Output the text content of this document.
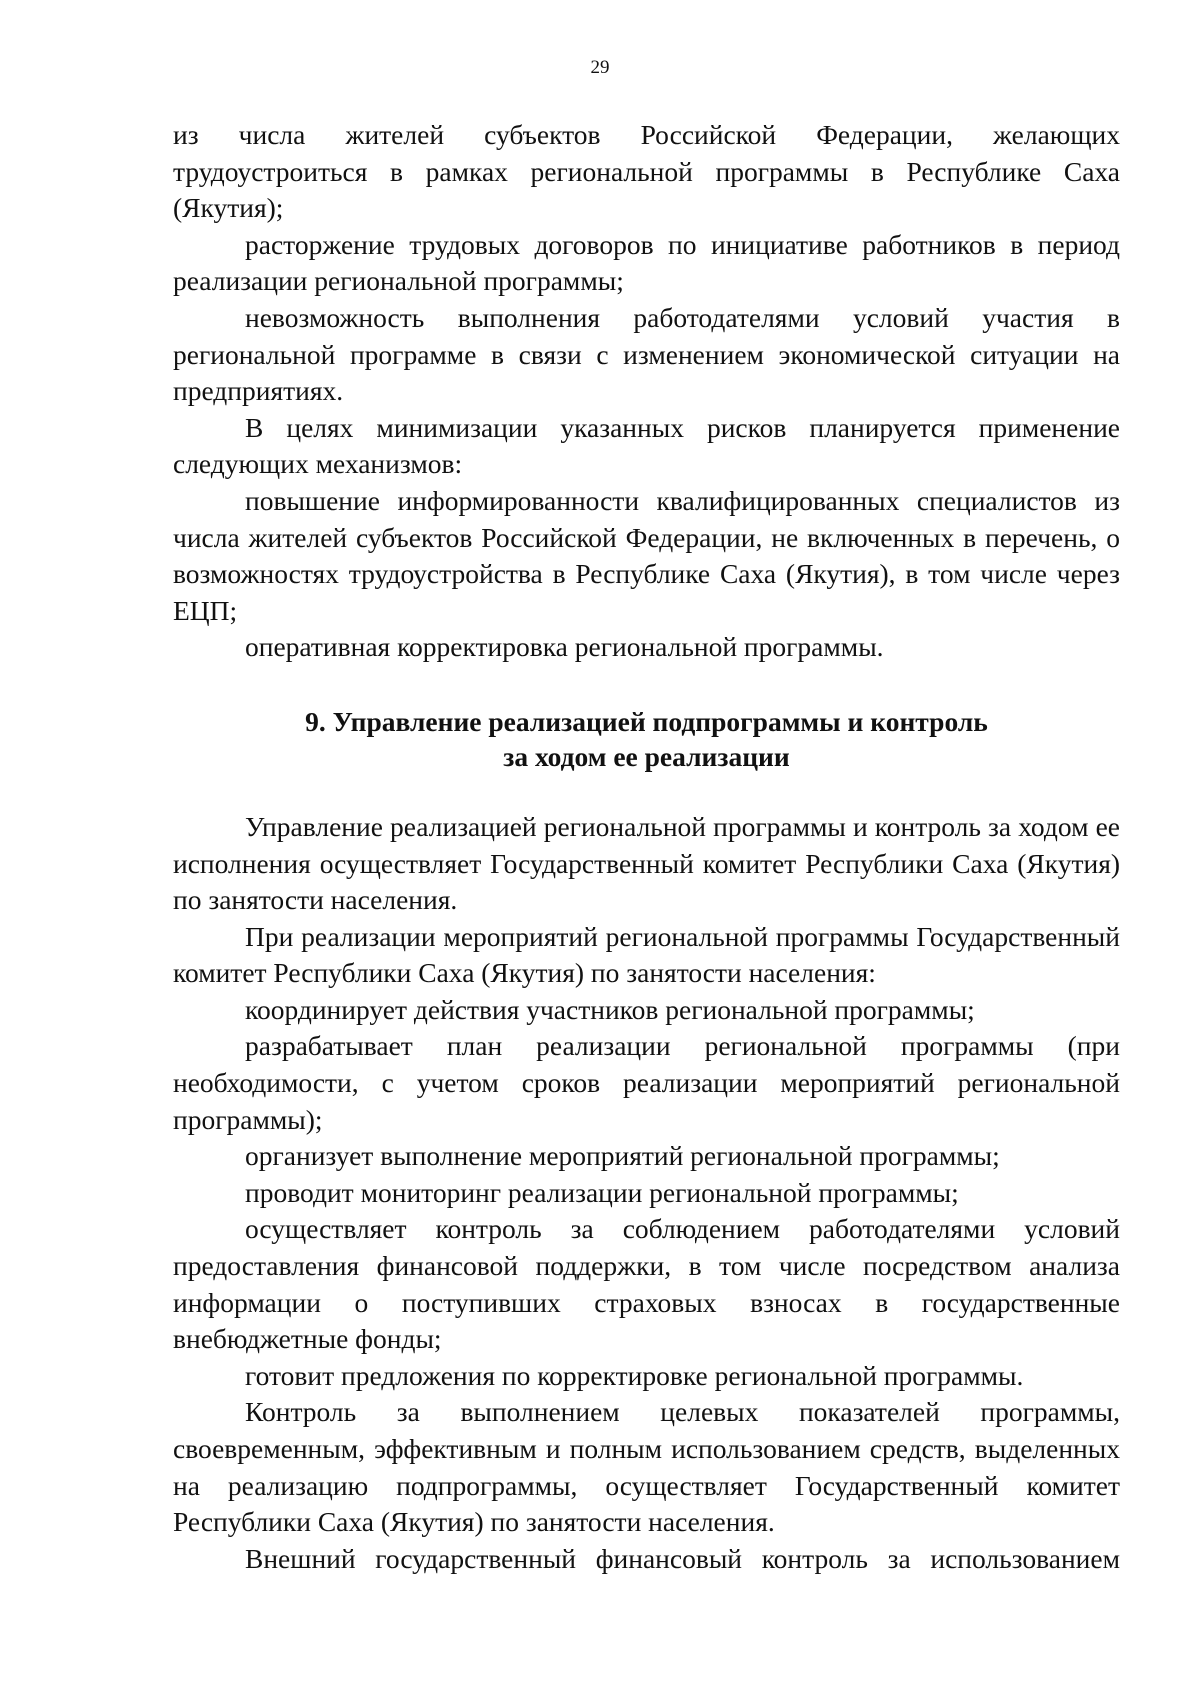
29

из числа жителей субъектов Российской Федерации, желающих трудоустроиться в рамках региональной программы в Республике Саха (Якутия);

расторжение трудовых договоров по инициативе работников в период реализации региональной программы;

невозможность выполнения работодателями условий участия в региональной программе в связи с изменением экономической ситуации на предприятиях.

В целях минимизации указанных рисков планируется применение следующих механизмов:

повышение информированности квалифицированных специалистов из числа жителей субъектов Российской Федерации, не включенных в перечень, о возможностях трудоустройства в Республике Саха (Якутия), в том числе через ЕЦП;

оперативная корректировка региональной программы.

9. Управление реализацией подпрограммы и контроль
за ходом ее реализации

Управление реализацией региональной программы и контроль за ходом ее исполнения осуществляет Государственный комитет Республики Саха (Якутия) по занятости населения.

При реализации мероприятий региональной программы Государственный комитет Республики Саха (Якутия) по занятости населения:

координирует действия участников региональной программы;

разрабатывает план реализации региональной программы (при необходимости, с учетом сроков реализации мероприятий региональной программы);

организует выполнение мероприятий региональной программы;

проводит мониторинг реализации региональной программы;

осуществляет контроль за соблюдением работодателями условий предоставления финансовой поддержки, в том числе посредством анализа информации о поступивших страховых взносах в государственные внебюджетные фонды;

готовит предложения по корректировке региональной программы.

Контроль за выполнением целевых показателей программы, своевременным, эффективным и полным использованием средств, выделенных на реализацию подпрограммы, осуществляет Государственный комитет Республики Саха (Якутия) по занятости населения.

Внешний государственный финансовый контроль за использованием
